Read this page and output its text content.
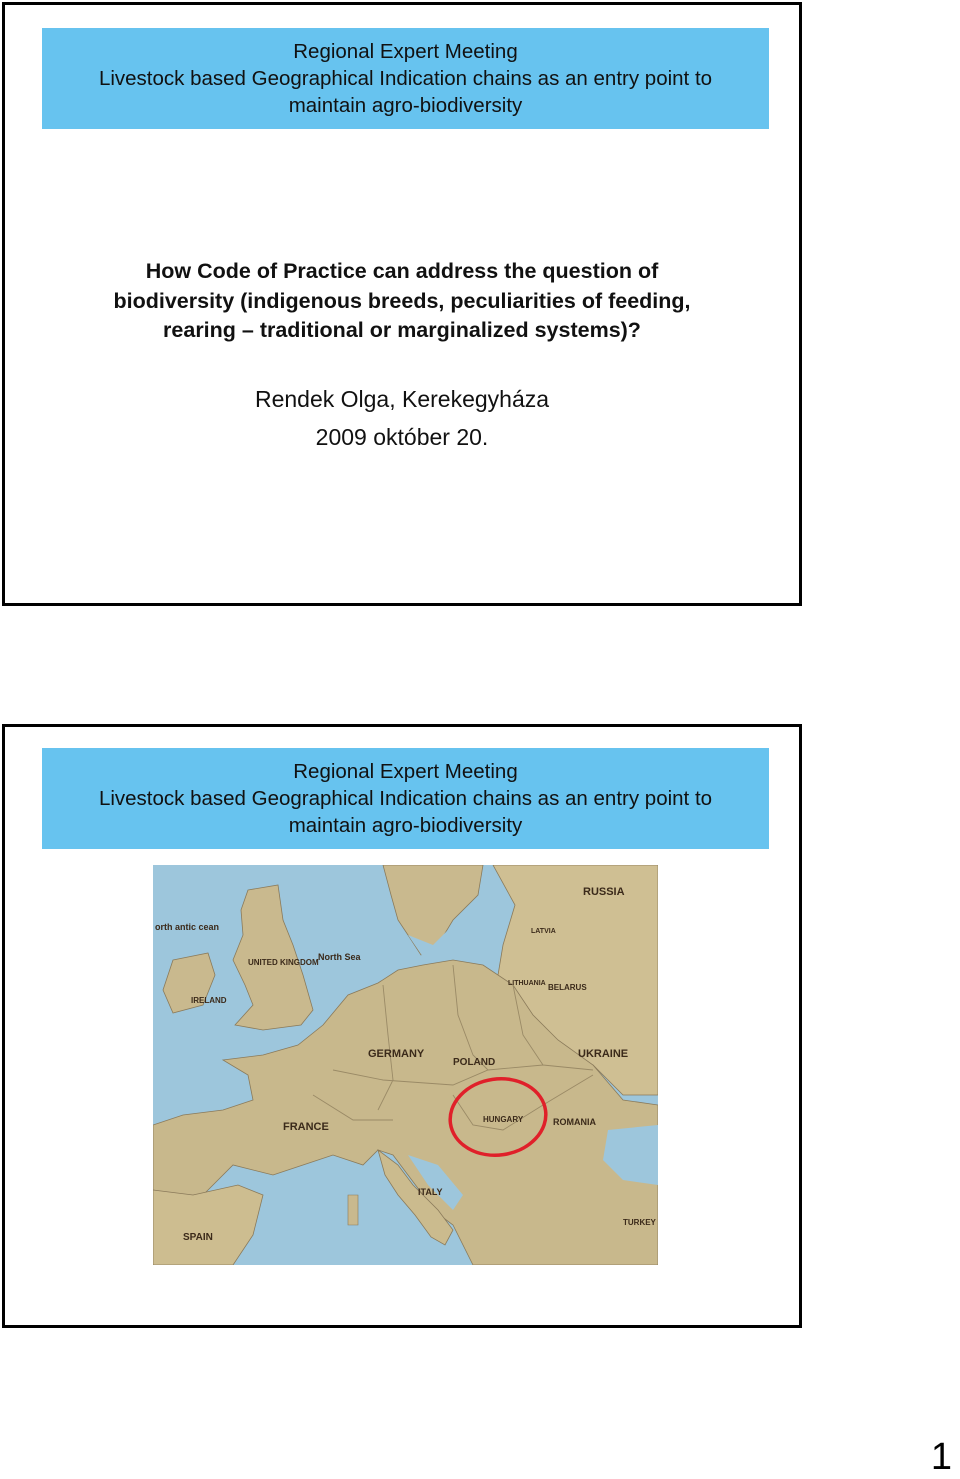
Regional Expert Meeting
Livestock based Geographical Indication chains as an entry point to
maintain agro-biodiversity
How Code of Practice can address the question of
biodiversity (indigenous breeds, peculiarities of feeding,
rearing – traditional or marginalized systems)?
Rendek Olga, Kerekegyháza
2009 október 20.
Regional Expert Meeting
Livestock based Geographical Indication chains as an entry point to
maintain agro-biodiversity
RUSSIA
UKRAINE
POLAND
GERMANY
FRANCE
SPAIN
ITALY
ROMANIA
HUNGARY
IRELAND
UNITED KINGDOM
North Sea
orth antic cean
LITHUANIA
LATVIA
BELARUS
TURKEY
1
